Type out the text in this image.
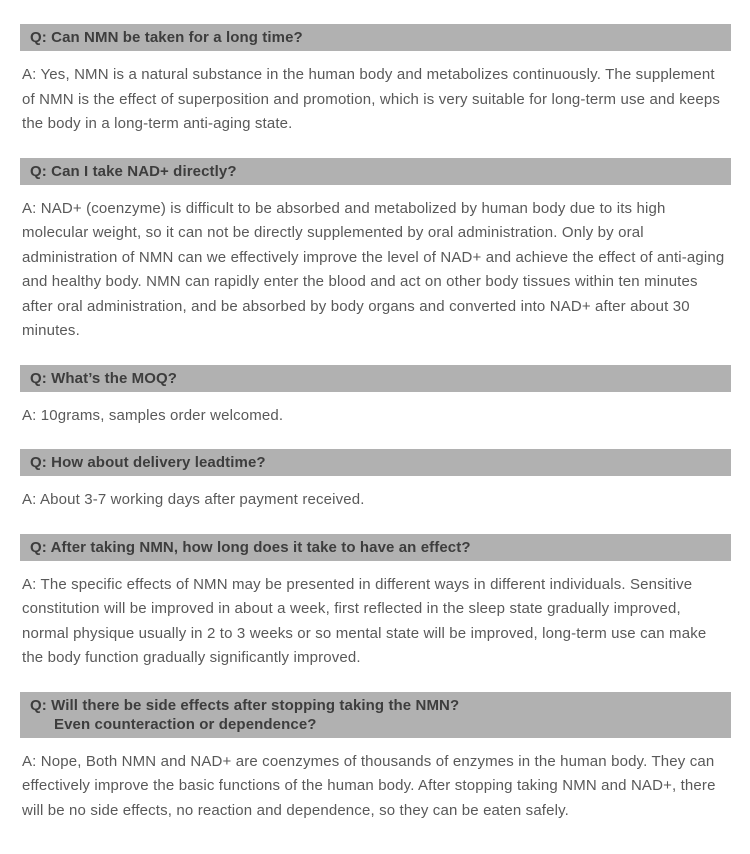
Q: Can NMN be taken for a long time?

A: Yes, NMN is a natural substance in the human body and metabolizes continuously. The supplement of NMN is the effect of superposition and promotion, which is very suitable for long-term use and keeps the body in a long-term anti-aging state.

Q: Can I take NAD+ directly?

A: NAD+ (coenzyme) is difficult to be absorbed and metabolized by human body due to its high molecular weight, so it can not be directly supplemented by oral administration. Only by oral administration of NMN can we effectively improve the level of NAD+ and achieve the effect of anti-aging and healthy body. NMN can rapidly enter the blood and act on other body tissues within ten minutes after oral administration, and be absorbed by body organs and converted into NAD+ after about 30 minutes.

Q: What’s the MOQ?

A: 10grams, samples order welcomed.

Q: How about delivery leadtime?

A: About 3-7 working days after payment received.

Q: After taking NMN, how long does it take to have an effect?

A: The specific effects of NMN may be presented in different ways in different individuals. Sensitive constitution will be improved in about a week, first reflected in the sleep state gradually improved, normal physique usually in 2 to 3 weeks or so mental state will be improved, long-term use can make the body function gradually significantly improved.

Q: Will there be side effects after stopping taking the NMN?
Even counteraction or dependence?

A: Nope, Both NMN and NAD+ are coenzymes of thousands of enzymes in the human body. They can effectively improve the basic functions of the human body. After stopping taking NMN and NAD+, there will be no side effects, no reaction and dependence, so they can be eaten safely.
